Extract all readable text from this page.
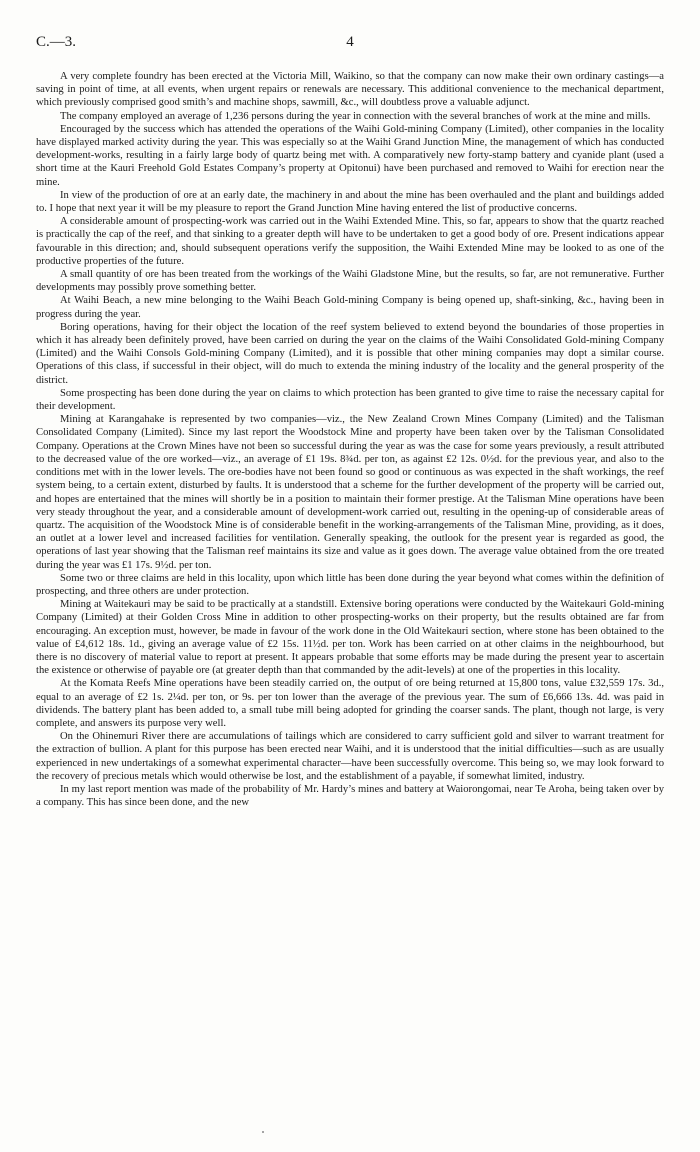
C.—3.	4

A very complete foundry has been erected at the Victoria Mill, Waikino, so that the company can now make their own ordinary castings—a saving in point of time, at all events, when urgent repairs or renewals are necessary. This additional convenience to the mechanical department, which previously comprised good smith’s and machine shops, sawmill, &c., will doubtless prove a valuable adjunct.

The company employed an average of 1,236 persons during the year in connection with the several branches of work at the mine and mills.

Encouraged by the success which has attended the operations of the Waihi Gold-mining Company (Limited), other companies in the locality have displayed marked activity during the year. This was especially so at the Waihi Grand Junction Mine, the management of which has conducted development-works, resulting in a fairly large body of quartz being met with. A comparatively new forty-stamp battery and cyanide plant (used a short time at the Kauri Freehold Gold Estates Company’s property at Opitonui) have been purchased and removed to Waihi for erection near the mine.

In view of the production of ore at an early date, the machinery in and about the mine has been overhauled and the plant and buildings added to. I hope that next year it will be my pleasure to report the Grand Junction Mine having entered the list of productive concerns.

A considerable amount of prospecting-work was carried out in the Waihi Extended Mine. This, so far, appears to show that the quartz reached is practically the cap of the reef, and that sinking to a greater depth will have to be undertaken to get a good body of ore. Present indications appear favourable in this direction; and, should subsequent operations verify the supposition, the Waihi Extended Mine may be looked to as one of the productive properties of the future.

A small quantity of ore has been treated from the workings of the Waihi Gladstone Mine, but the results, so far, are not remunerative. Further developments may possibly prove something better.

At Waihi Beach, a new mine belonging to the Waihi Beach Gold-mining Company is being opened up, shaft-sinking, &c., having been in progress during the year.

Boring operations, having for their object the location of the reef system believed to extend beyond the boundaries of those properties in which it has already been definitely proved, have been carried on during the year on the claims of the Waihi Consolidated Gold-mining Company (Limited) and the Waihi Consols Gold-mining Company (Limited), and it is possible that other mining companies may dopt a similar course. Operations of this class, if successful in their object, will do much to extenda the mining industry of the locality and the general prosperity of the district.

Some prospecting has been done during the year on claims to which protection has been granted to give time to raise the necessary capital for their development.

Mining at Karangahake is represented by two companies—viz., the New Zealand Crown Mines Company (Limited) and the Talisman Consolidated Company (Limited). Since my last report the Woodstock Mine and property have been taken over by the Talisman Consolidated Company. Operations at the Crown Mines have not been so successful during the year as was the case for some years previously, a result attributed to the decreased value of the ore worked—viz., an average of £1 19s. 8¾d. per ton, as against £2 12s. 0½d. for the previous year, and also to the conditions met with in the lower levels. The ore-bodies have not been found so good or continuous as was expected in the shaft workings, the reef system being, to a certain extent, disturbed by faults. It is understood that a scheme for the further development of the property will be carried out, and hopes are entertained that the mines will shortly be in a position to maintain their former prestige. At the Talisman Mine operations have been very steady throughout the year, and a considerable amount of development-work carried out, resulting in the opening-up of considerable areas of quartz. The acquisition of the Woodstock Mine is of considerable benefit in the working-arrangements of the Talisman Mine, providing, as it does, an outlet at a lower level and increased facilities for ventilation. Generally speaking, the outlook for the present year is regarded as good, the operations of last year showing that the Talisman reef maintains its size and value as it goes down. The average value obtained from the ore treated during the year was £1 17s. 9½d. per ton.

Some two or three claims are held in this locality, upon which little has been done during the year beyond what comes within the definition of prospecting, and three others are under protection.

Mining at Waitekauri may be said to be practically at a standstill. Extensive boring operations were conducted by the Waitekauri Gold-mining Company (Limited) at their Golden Cross Mine in addition to other prospecting-works on their property, but the results obtained are far from encouraging. An exception must, however, be made in favour of the work done in the Old Waitekauri section, where stone has been obtained to the value of £4,612 18s. 1d., giving an average value of £2 15s. 11½d. per ton. Work has been carried on at other claims in the neighbourhood, but there is no discovery of material value to report at present. It appears probable that some efforts may be made during the present year to ascertain the existence or otherwise of payable ore (at greater depth than that commanded by the adit-levels) at one of the properties in this locality.

At the Komata Reefs Mine operations have been steadily carried on, the output of ore being returned at 15,800 tons, value £32,559 17s. 3d., equal to an average of £2 1s. 2¼d. per ton, or 9s. per ton lower than the average of the previous year. The sum of £6,666 13s. 4d. was paid in dividends. The battery plant has been added to, a small tube mill being adopted for grinding the coarser sands. The plant, though not large, is very complete, and answers its purpose very well.

On the Ohinemuri River there are accumulations of tailings which are considered to carry sufficient gold and silver to warrant treatment for the extraction of bullion. A plant for this purpose has been erected near Waihi, and it is understood that the initial difficulties—such as are usually experienced in new undertakings of a somewhat experimental character—have been successfully overcome. This being so, we may look forward to the recovery of precious metals which would otherwise be lost, and the establishment of a payable, if somewhat limited, industry.

In my last report mention was made of the probability of Mr. Hardy’s mines and battery at Waiorongomai, near Te Aroha, being taken over by a company. This has since been done, and the new
